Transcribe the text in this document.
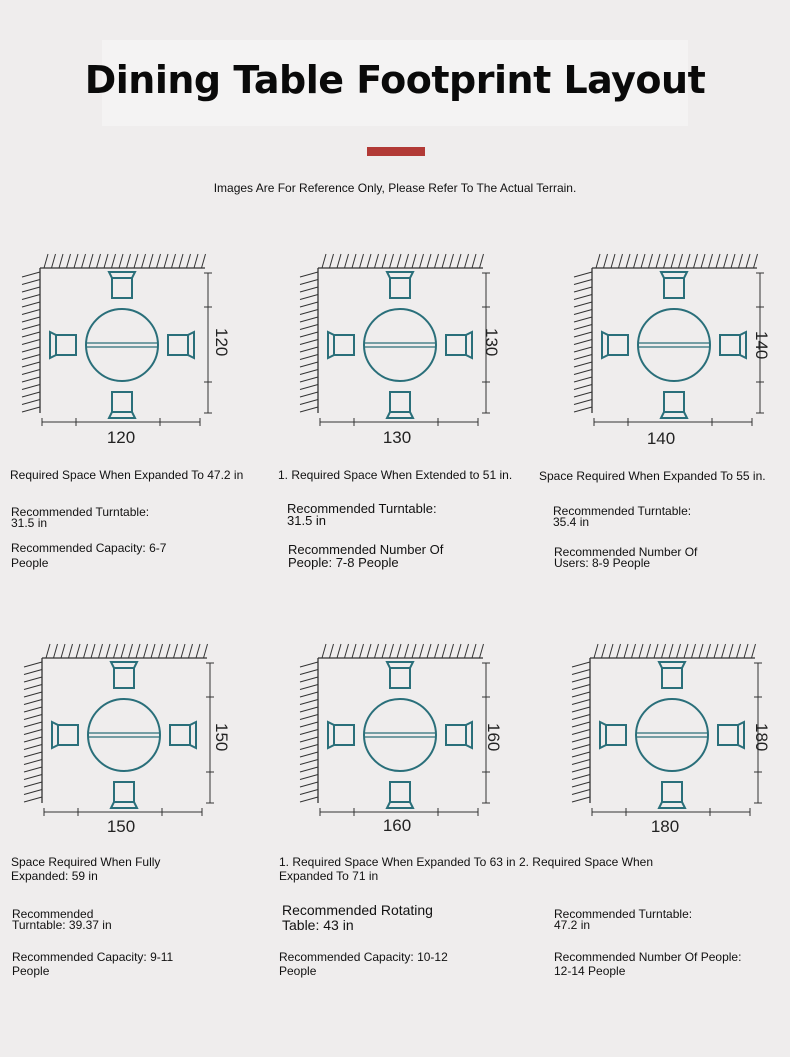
Dining Table Footprint Layout
Images Are For Reference Only, Please Refer To The Actual Terrain.
120	130	140
150	160	180
120	130	140
150	160	180
Required Space When Expanded To 47.2 in
Recommended Turntable:
31.5 in
Recommended Capacity: 6-7
People
1. Required Space When Extended to 51 in.
Recommended Turntable:
31.5 in
Recommended Number Of
People: 7-8 People
Space Required When Expanded To 55 in.
Recommended Turntable:
35.4 in
Recommended Number Of
Users: 8-9 People
Space Required When Fully
Expanded: 59 in
Recommended
Turntable: 39.37 in
Recommended Capacity: 9-11
People
1. Required Space When Expanded To 63 in 2. Required Space When
Expanded To 71 in
Recommended Rotating
Table: 43 in
Recommended Capacity: 10-12
People
Recommended Turntable:
47.2 in
Recommended Number Of People:
12-14 People
